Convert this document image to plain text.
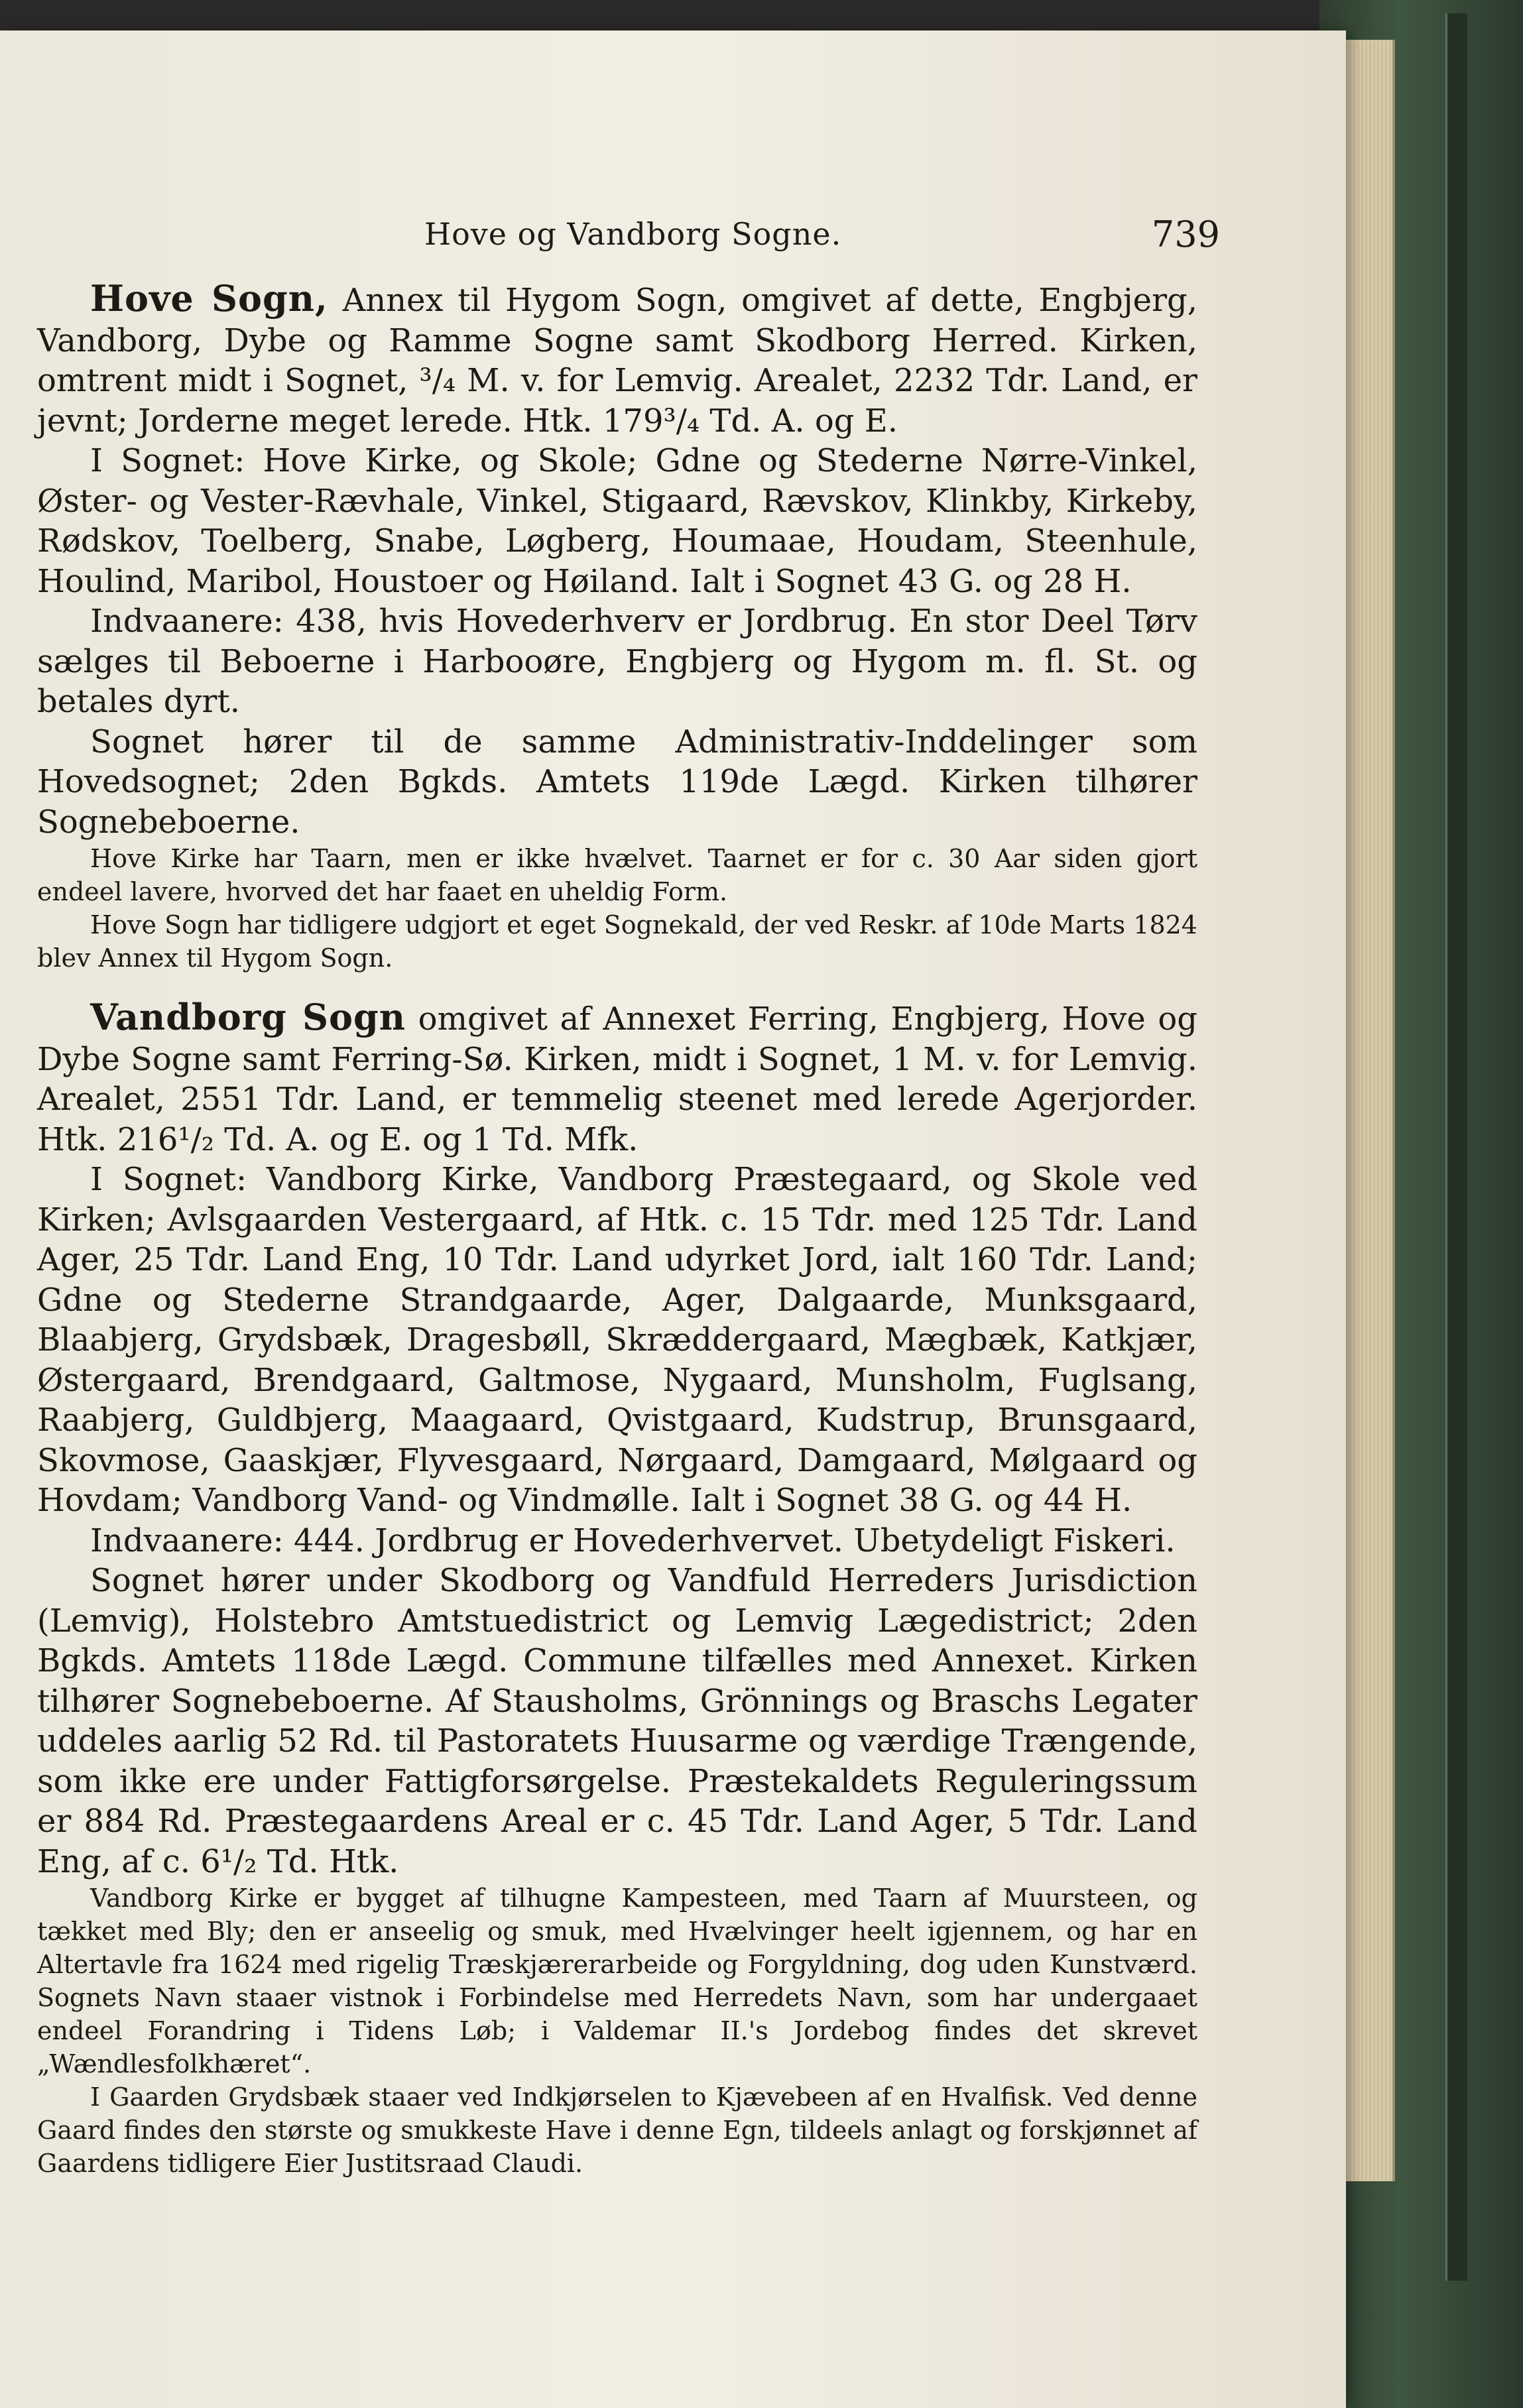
Hove og Vandborg Sogne.	739

Hove Sogn, Annex til Hygom Sogn, omgivet af dette, Engbjerg, Vandborg, Dybe og Ramme Sogne samt Skodborg Herred. Kirken, omtrent midt i Sognet, ³/₄ M. v. for Lemvig. Arealet, 2232 Tdr. Land, er jevnt; Jorderne meget lerede. Htk. 179³/₄ Td. A. og E.

I Sognet: Hove Kirke, og Skole; Gdne og Stederne Nørre-Vinkel, Øster- og Vester-Rævhale, Vinkel, Stigaard, Rævskov, Klinkby, Kirkeby, Rødskov, Toelberg, Snabe, Løgberg, Houmaae, Houdam, Steenhule, Houlind, Maribol, Houstoer og Høiland. Ialt i Sognet 43 G. og 28 H.

Indvaanere: 438, hvis Hovederhverv er Jordbrug. En stor Deel Tørv sælges til Beboerne i Harbooøre, Engbjerg og Hygom m. fl. St. og betales dyrt.

Sognet hører til de samme Administrativ-Inddelinger som Hovedsognet; 2den Bgkds. Amtets 119de Lægd. Kirken tilhører Sognebeboerne.

Hove Kirke har Taarn, men er ikke hvælvet. Taarnet er for c. 30 Aar siden gjort endeel lavere, hvorved det har faaet en uheldig Form.

Hove Sogn har tidligere udgjort et eget Sognekald, der ved Reskr. af 10de Marts 1824 blev Annex til Hygom Sogn.

Vandborg Sogn omgivet af Annexet Ferring, Engbjerg, Hove og Dybe Sogne samt Ferring-Sø. Kirken, midt i Sognet, 1 M. v. for Lemvig. Arealet, 2551 Tdr. Land, er temmelig steenet med lerede Agerjorder. Htk. 216¹/₂ Td. A. og E. og 1 Td. Mfk.

I Sognet: Vandborg Kirke, Vandborg Præstegaard, og Skole ved Kirken; Avlsgaarden Vestergaard, af Htk. c. 15 Tdr. med 125 Tdr. Land Ager, 25 Tdr. Land Eng, 10 Tdr. Land udyrket Jord, ialt 160 Tdr. Land; Gdne og Stederne Strandgaarde, Ager, Dalgaarde, Munksgaard, Blaabjerg, Grydsbæk, Dragesbøll, Skræddergaard, Mægbæk, Katkjær, Østergaard, Brendgaard, Galtmose, Nygaard, Munsholm, Fuglsang, Raabjerg, Guldbjerg, Maagaard, Qvistgaard, Kudstrup, Brunsgaard, Skovmose, Gaaskjær, Flyvesgaard, Nørgaard, Damgaard, Mølgaard og Hovdam; Vandborg Vand- og Vindmølle. Ialt i Sognet 38 G. og 44 H.

Indvaanere: 444. Jordbrug er Hovederhvervet. Ubetydeligt Fiskeri.

Sognet hører under Skodborg og Vandfuld Herreders Jurisdiction (Lemvig), Holstebro Amtstuedistrict og Lemvig Lægedistrict; 2den Bgkds. Amtets 118de Lægd. Commune tilfælles med Annexet. Kirken tilhører Sognebeboerne. Af Stausholms, Grönnings og Braschs Legater uddeles aarlig 52 Rd. til Pastoratets Huusarme og værdige Trængende, som ikke ere under Fattigforsørgelse. Præstekaldets Reguleringssum er 884 Rd. Præstegaardens Areal er c. 45 Tdr. Land Ager, 5 Tdr. Land Eng, af c. 6¹/₂ Td. Htk.

Vandborg Kirke er bygget af tilhugne Kampesteen, med Taarn af Muursteen, og tækket med Bly; den er anseelig og smuk, med Hvælvinger heelt igjennem, og har en Altertavle fra 1624 med rigelig Træskjærerarbeide og Forgyldning, dog uden Kunstværd. Sognets Navn staaer vistnok i Forbindelse med Herredets Navn, som har undergaaet endeel Forandring i Tidens Løb; i Valdemar II.'s Jordebog findes det skrevet „Wændlesfolkhæret“.

I Gaarden Grydsbæk staaer ved Indkjørselen to Kjævebeen af en Hvalfisk. Ved denne Gaard findes den største og smukkeste Have i denne Egn, tildeels anlagt og forskjønnet af Gaardens tidligere Eier Justitsraad Claudi.
